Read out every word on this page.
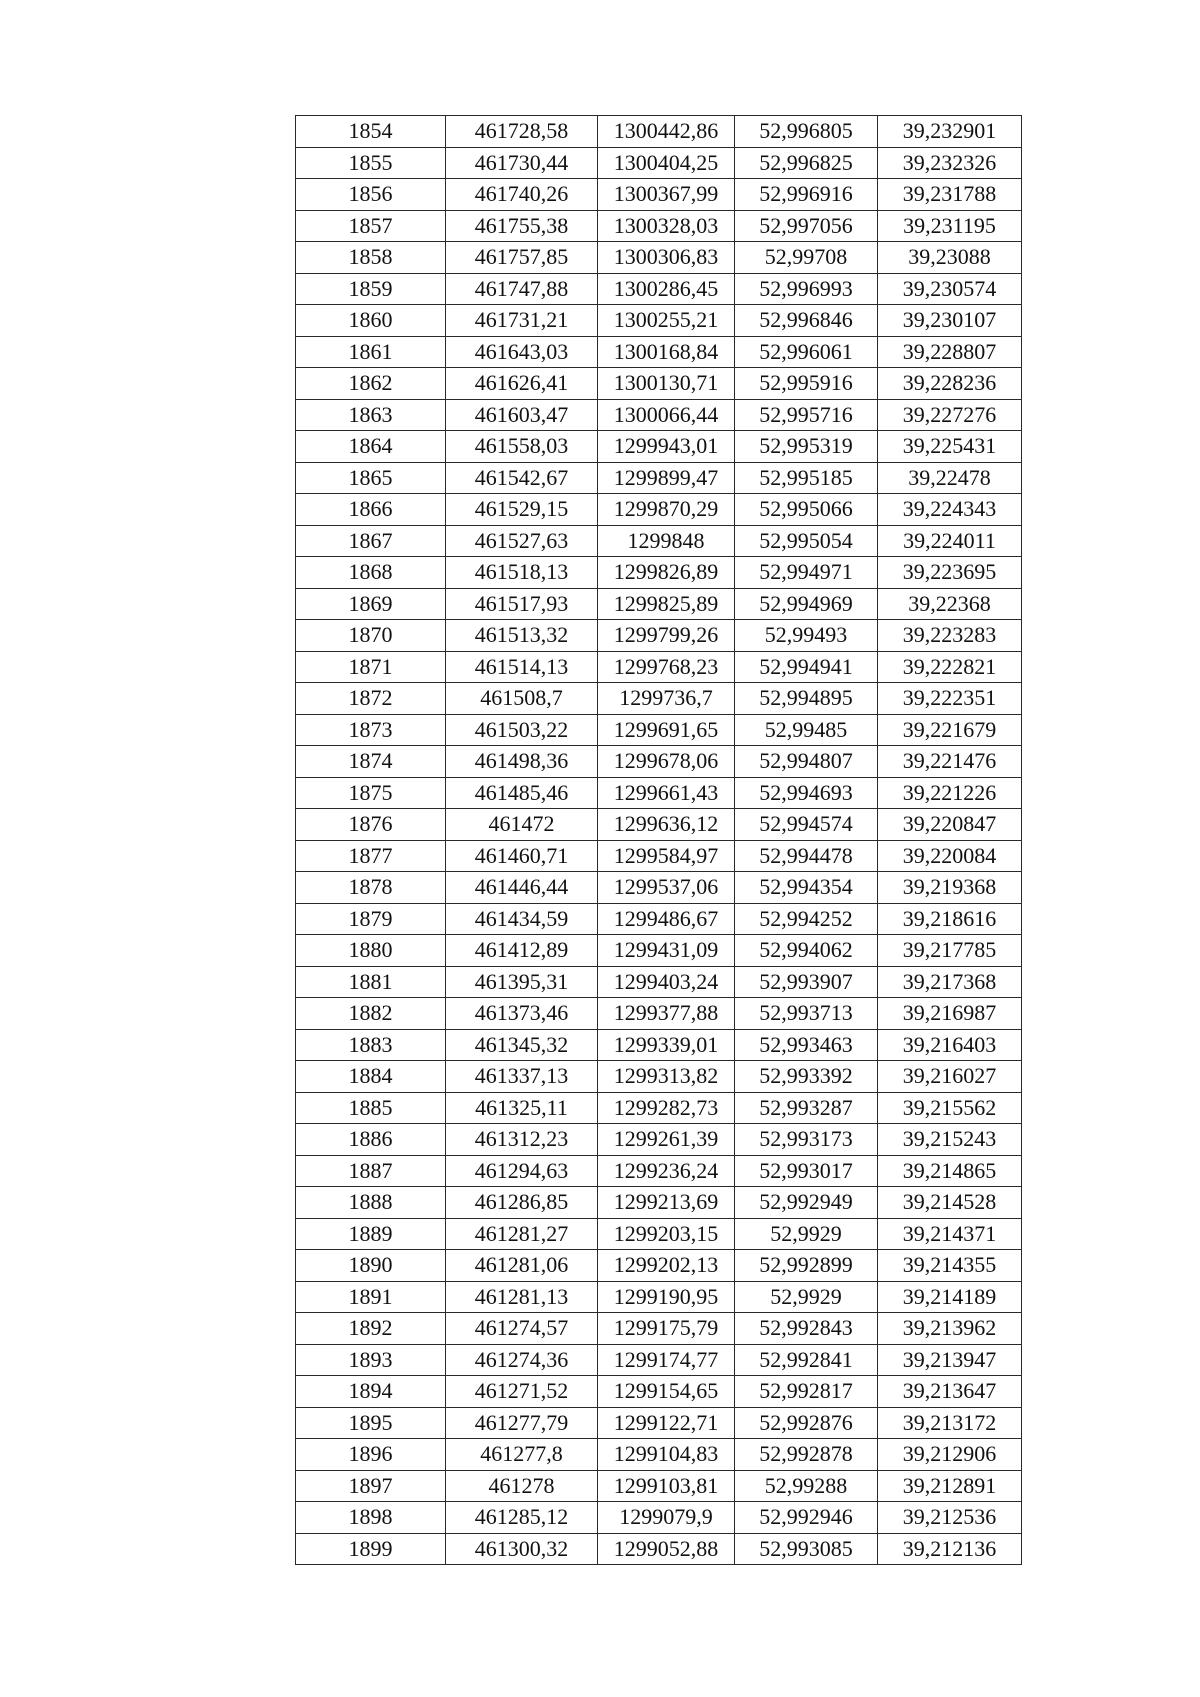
1854	461728,58	1300442,86	52,996805	39,232901
1855	461730,44	1300404,25	52,996825	39,232326
1856	461740,26	1300367,99	52,996916	39,231788
1857	461755,38	1300328,03	52,997056	39,231195
1858	461757,85	1300306,83	52,99708	39,23088
1859	461747,88	1300286,45	52,996993	39,230574
1860	461731,21	1300255,21	52,996846	39,230107
1861	461643,03	1300168,84	52,996061	39,228807
1862	461626,41	1300130,71	52,995916	39,228236
1863	461603,47	1300066,44	52,995716	39,227276
1864	461558,03	1299943,01	52,995319	39,225431
1865	461542,67	1299899,47	52,995185	39,22478
1866	461529,15	1299870,29	52,995066	39,224343
1867	461527,63	1299848	52,995054	39,224011
1868	461518,13	1299826,89	52,994971	39,223695
1869	461517,93	1299825,89	52,994969	39,22368
1870	461513,32	1299799,26	52,99493	39,223283
1871	461514,13	1299768,23	52,994941	39,222821
1872	461508,7	1299736,7	52,994895	39,222351
1873	461503,22	1299691,65	52,99485	39,221679
1874	461498,36	1299678,06	52,994807	39,221476
1875	461485,46	1299661,43	52,994693	39,221226
1876	461472	1299636,12	52,994574	39,220847
1877	461460,71	1299584,97	52,994478	39,220084
1878	461446,44	1299537,06	52,994354	39,219368
1879	461434,59	1299486,67	52,994252	39,218616
1880	461412,89	1299431,09	52,994062	39,217785
1881	461395,31	1299403,24	52,993907	39,217368
1882	461373,46	1299377,88	52,993713	39,216987
1883	461345,32	1299339,01	52,993463	39,216403
1884	461337,13	1299313,82	52,993392	39,216027
1885	461325,11	1299282,73	52,993287	39,215562
1886	461312,23	1299261,39	52,993173	39,215243
1887	461294,63	1299236,24	52,993017	39,214865
1888	461286,85	1299213,69	52,992949	39,214528
1889	461281,27	1299203,15	52,9929	39,214371
1890	461281,06	1299202,13	52,992899	39,214355
1891	461281,13	1299190,95	52,9929	39,214189
1892	461274,57	1299175,79	52,992843	39,213962
1893	461274,36	1299174,77	52,992841	39,213947
1894	461271,52	1299154,65	52,992817	39,213647
1895	461277,79	1299122,71	52,992876	39,213172
1896	461277,8	1299104,83	52,992878	39,212906
1897	461278	1299103,81	52,99288	39,212891
1898	461285,12	1299079,9	52,992946	39,212536
1899	461300,32	1299052,88	52,993085	39,212136
